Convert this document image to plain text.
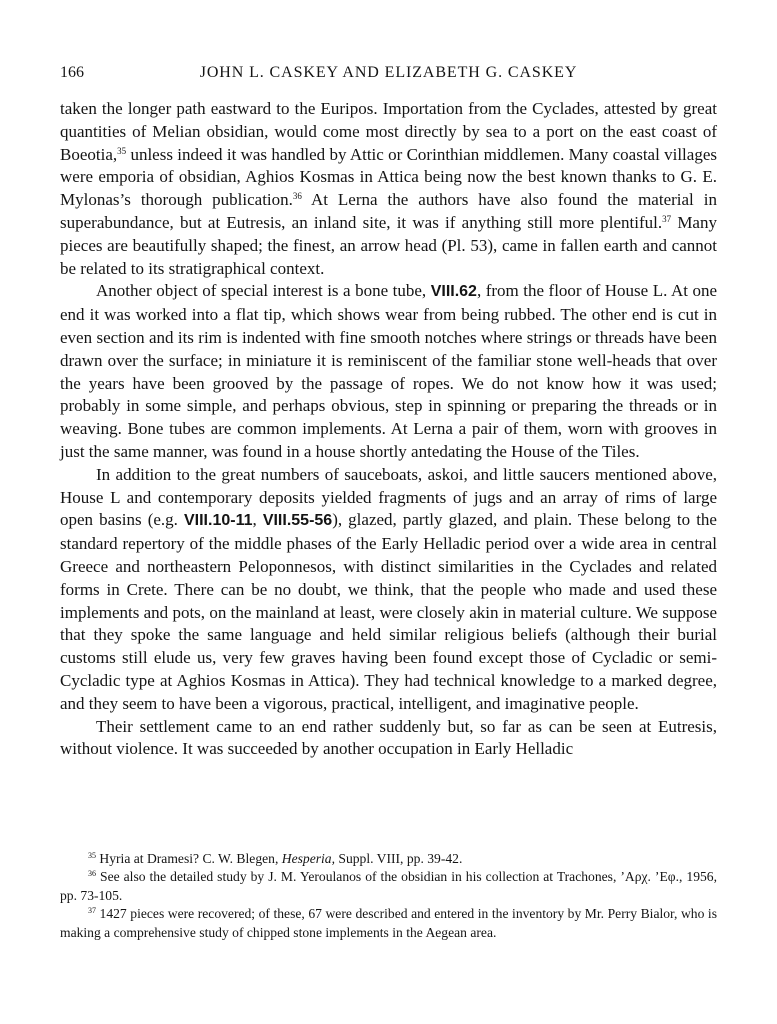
166	JOHN L. CASKEY AND ELIZABETH G. CASKEY

taken the longer path eastward to the Euripos. Importation from the Cyclades, attested by great quantities of Melian obsidian, would come most directly by sea to a port on the east coast of Boeotia,$^{35}$ unless indeed it was handled by Attic or Corinthian middlemen. Many coastal villages were emporia of obsidian, Aghios Kosmas in Attica being now the best known thanks to G. E. Mylonas’s thorough publication.$^{36}$ At Lerna the authors have also found the material in superabundance, but at Eutresis, an inland site, it was if anything still more plentiful.$^{37}$ Many pieces are beautifully shaped; the finest, an arrow head (Pl. 53), came in fallen earth and cannot be related to its stratigraphical context.

Another object of special interest is a bone tube, VIII.62, from the floor of House L. At one end it was worked into a flat tip, which shows wear from being rubbed. The other end is cut in even section and its rim is indented with fine smooth notches where strings or threads have been drawn over the surface; in miniature it is reminiscent of the familiar stone well-heads that over the years have been grooved by the passage of ropes. We do not know how it was used; probably in some simple, and perhaps obvious, step in spinning or preparing the threads or in weaving. Bone tubes are common implements. At Lerna a pair of them, worn with grooves in just the same manner, was found in a house shortly antedating the House of the Tiles.

In addition to the great numbers of sauceboats, askoi, and little saucers mentioned above, House L and contemporary deposits yielded fragments of jugs and an array of rims of large open basins (e.g. VIII.10-11, VIII.55-56), glazed, partly glazed, and plain. These belong to the standard repertory of the middle phases of the Early Helladic period over a wide area in central Greece and northeastern Peloponnesos, with distinct similarities in the Cyclades and related forms in Crete. There can be no doubt, we think, that the people who made and used these implements and pots, on the mainland at least, were closely akin in material culture. We suppose that they spoke the same language and held similar religious beliefs (although their burial customs still elude us, very few graves having been found except those of Cycladic or semi-Cycladic type at Aghios Kosmas in Attica). They had technical knowledge to a marked degree, and they seem to have been a vigorous, practical, intelligent, and imaginative people.

Their settlement came to an end rather suddenly but, so far as can be seen at Eutresis, without violence. It was succeeded by another occupation in Early Helladic

$^{35}$ Hyria at Dramesi? C. W. Blegen, Hesperia, Suppl. VIII, pp. 39-42.

$^{36}$ See also the detailed study by J. M. Yeroulanos of the obsidian in his collection at Trachones, ’Αρχ. ’Εφ., 1956, pp. 73-105.

$^{37}$ 1427 pieces were recovered; of these, 67 were described and entered in the inventory by Mr. Perry Bialor, who is making a comprehensive study of chipped stone implements in the Aegean area.
